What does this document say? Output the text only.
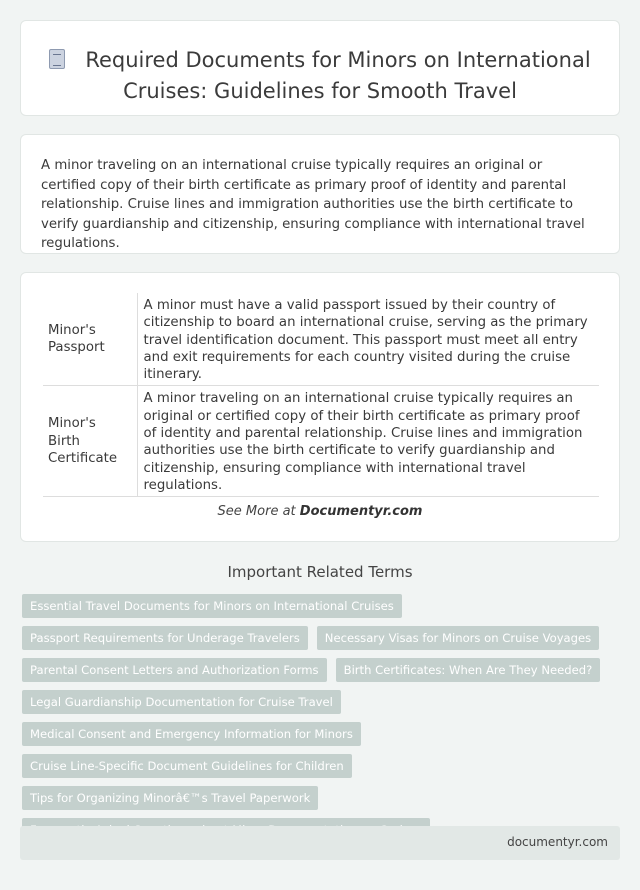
Required Documents for Minors on International Cruises: Guidelines for Smooth Travel

A minor traveling on an international cruise typically requires an original or certified copy of their birth certificate as primary proof of identity and parental relationship. Cruise lines and immigration authorities use the birth certificate to verify guardianship and citizenship, ensuring compliance with international travel regulations.

Minor's Passport	A minor must have a valid passport issued by their country of citizenship to board an international cruise, serving as the primary travel identification document. This passport must meet all entry and exit requirements for each country visited during the cruise itinerary.
Minor's Birth Certificate	A minor traveling on an international cruise typically requires an original or certified copy of their birth certificate as primary proof of identity and parental relationship. Cruise lines and immigration authorities use the birth certificate to verify guardianship and citizenship, ensuring compliance with international travel regulations.
See More at Documentyr.com
Important Related Terms
Essential Travel Documents for Minors on International Cruises
Passport Requirements for Underage Travelers	Necessary Visas for Minors on Cruise Voyages
Parental Consent Letters and Authorization Forms	Birth Certificates: When Are They Needed?
Legal Guardianship Documentation for Cruise Travel
Medical Consent and Emergency Information for Minors
Cruise Line-Specific Document Guidelines for Children
Tips for Organizing Minorâ€™s Travel Paperwork
documentyr.com
